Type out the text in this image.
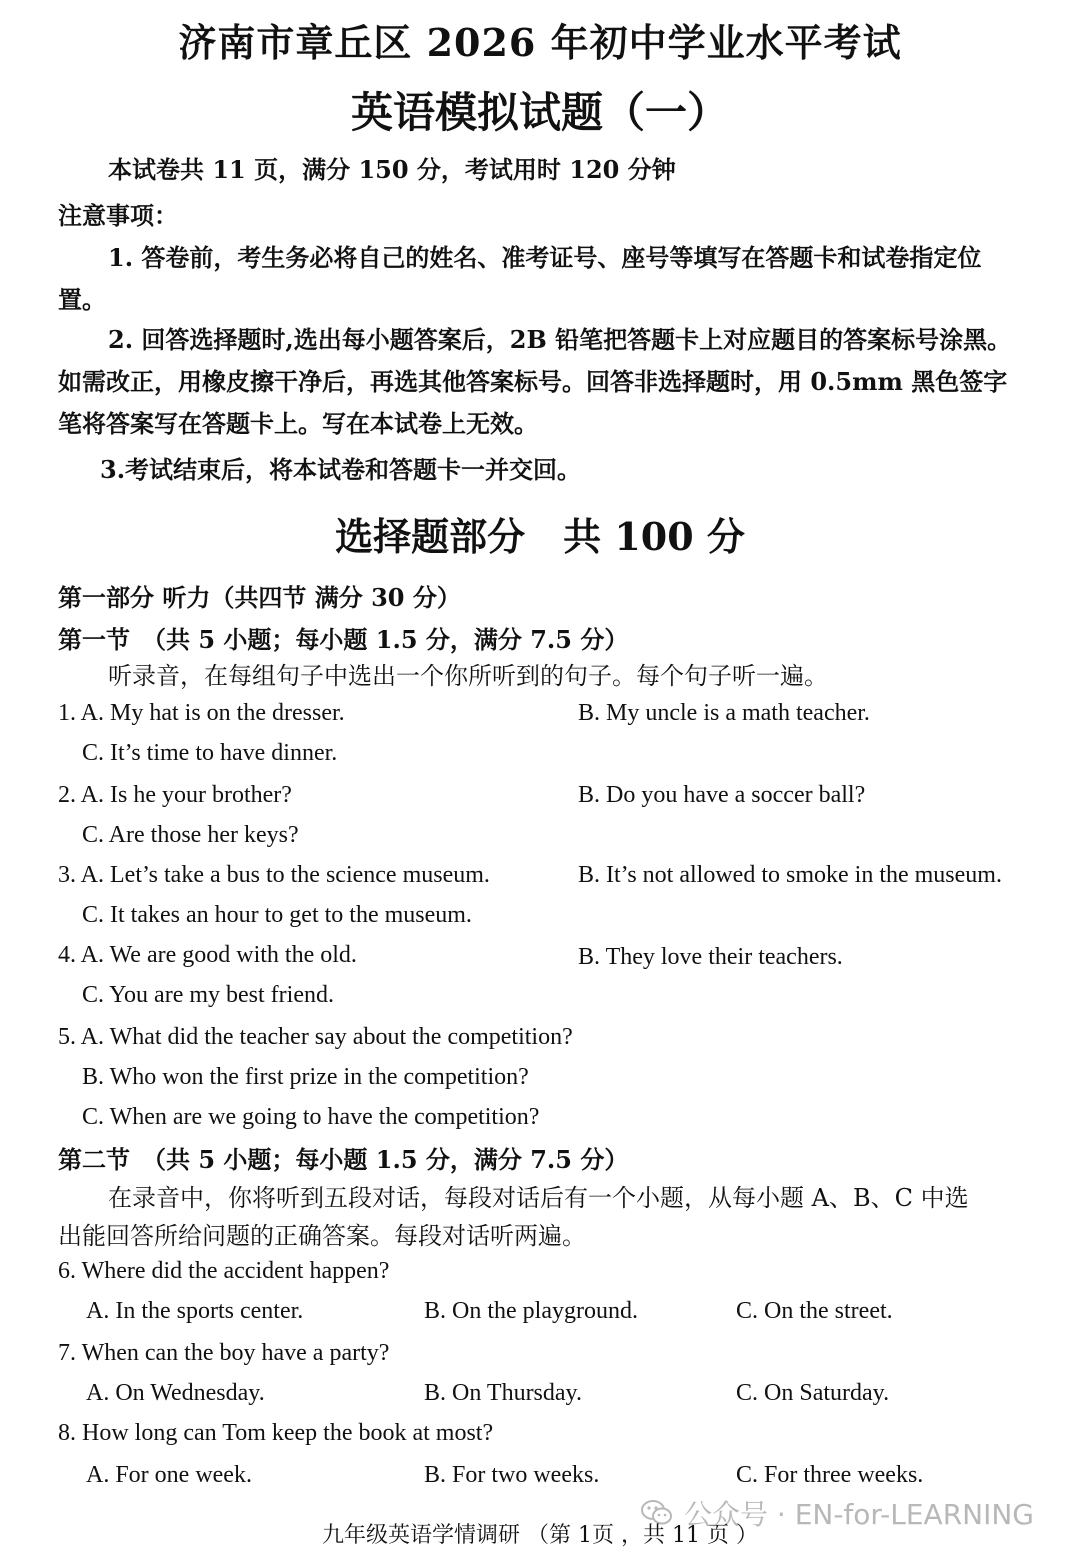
济南市章丘区 2026 年初中学业水平考试
英语模拟试题（一）
本试卷共 11 页，满分 150 分，考试用时 120 分钟
注意事项：
1. 答卷前，考生务必将自己的姓名、准考证号、座号等填写在答题卡和试卷指定位
置。
2. 回答选择题时,选出每小题答案后，2B 铅笔把答题卡上对应题目的答案标号涂黑。
如需改正，用橡皮擦干净后，再选其他答案标号。回答非选择题时，用 0.5mm 黑色签字
笔将答案写在答题卡上。写在本试卷上无效。
3.考试结束后，将本试卷和答题卡一并交回。
选择题部分　共 100 分
第一部分 听力（共四节 满分 30 分）
第一节　（共 5 小题；每小题 1.5 分，满分 7.5 分）
听录音，在每组句子中选出一个你所听到的句子。每个句子听一遍。
1. A. My hat is on the dresser.	B. My uncle is a math teacher.
C. It’s time to have dinner.
2. A. Is he your brother?	B. Do you have a soccer ball?
C. Are those her keys?
3. A. Let’s take a bus to the science museum.	B. It’s not allowed to smoke in the museum.
C. It takes an hour to get to the museum.
4. A. We are good with the old.	B. They love their teachers.
C. You are my best friend.
5. A. What did the teacher say about the competition?
B. Who won the first prize in the competition?
C. When are we going to have the competition?
第二节　（共 5 小题；每小题 1.5 分，满分 7.5 分）
在录音中，你将听到五段对话，每段对话后有一个小题，从每小题 A、B、C 中选
出能回答所给问题的正确答案。每段对话听两遍。
6. Where did the accident happen?
A. In the sports center.	B. On the playground.	C. On the street.
7. When can the boy have a party?
A. On Wednesday.	B. On Thursday.	C. On Saturday.
8. How long can Tom keep the book at most?
A. For one week.	B. For two weeks.	C. For three weeks.
公众号 · EN-for-LEARNING
九年级英语学情调研 （第 1页 ，共 11 页 ）
